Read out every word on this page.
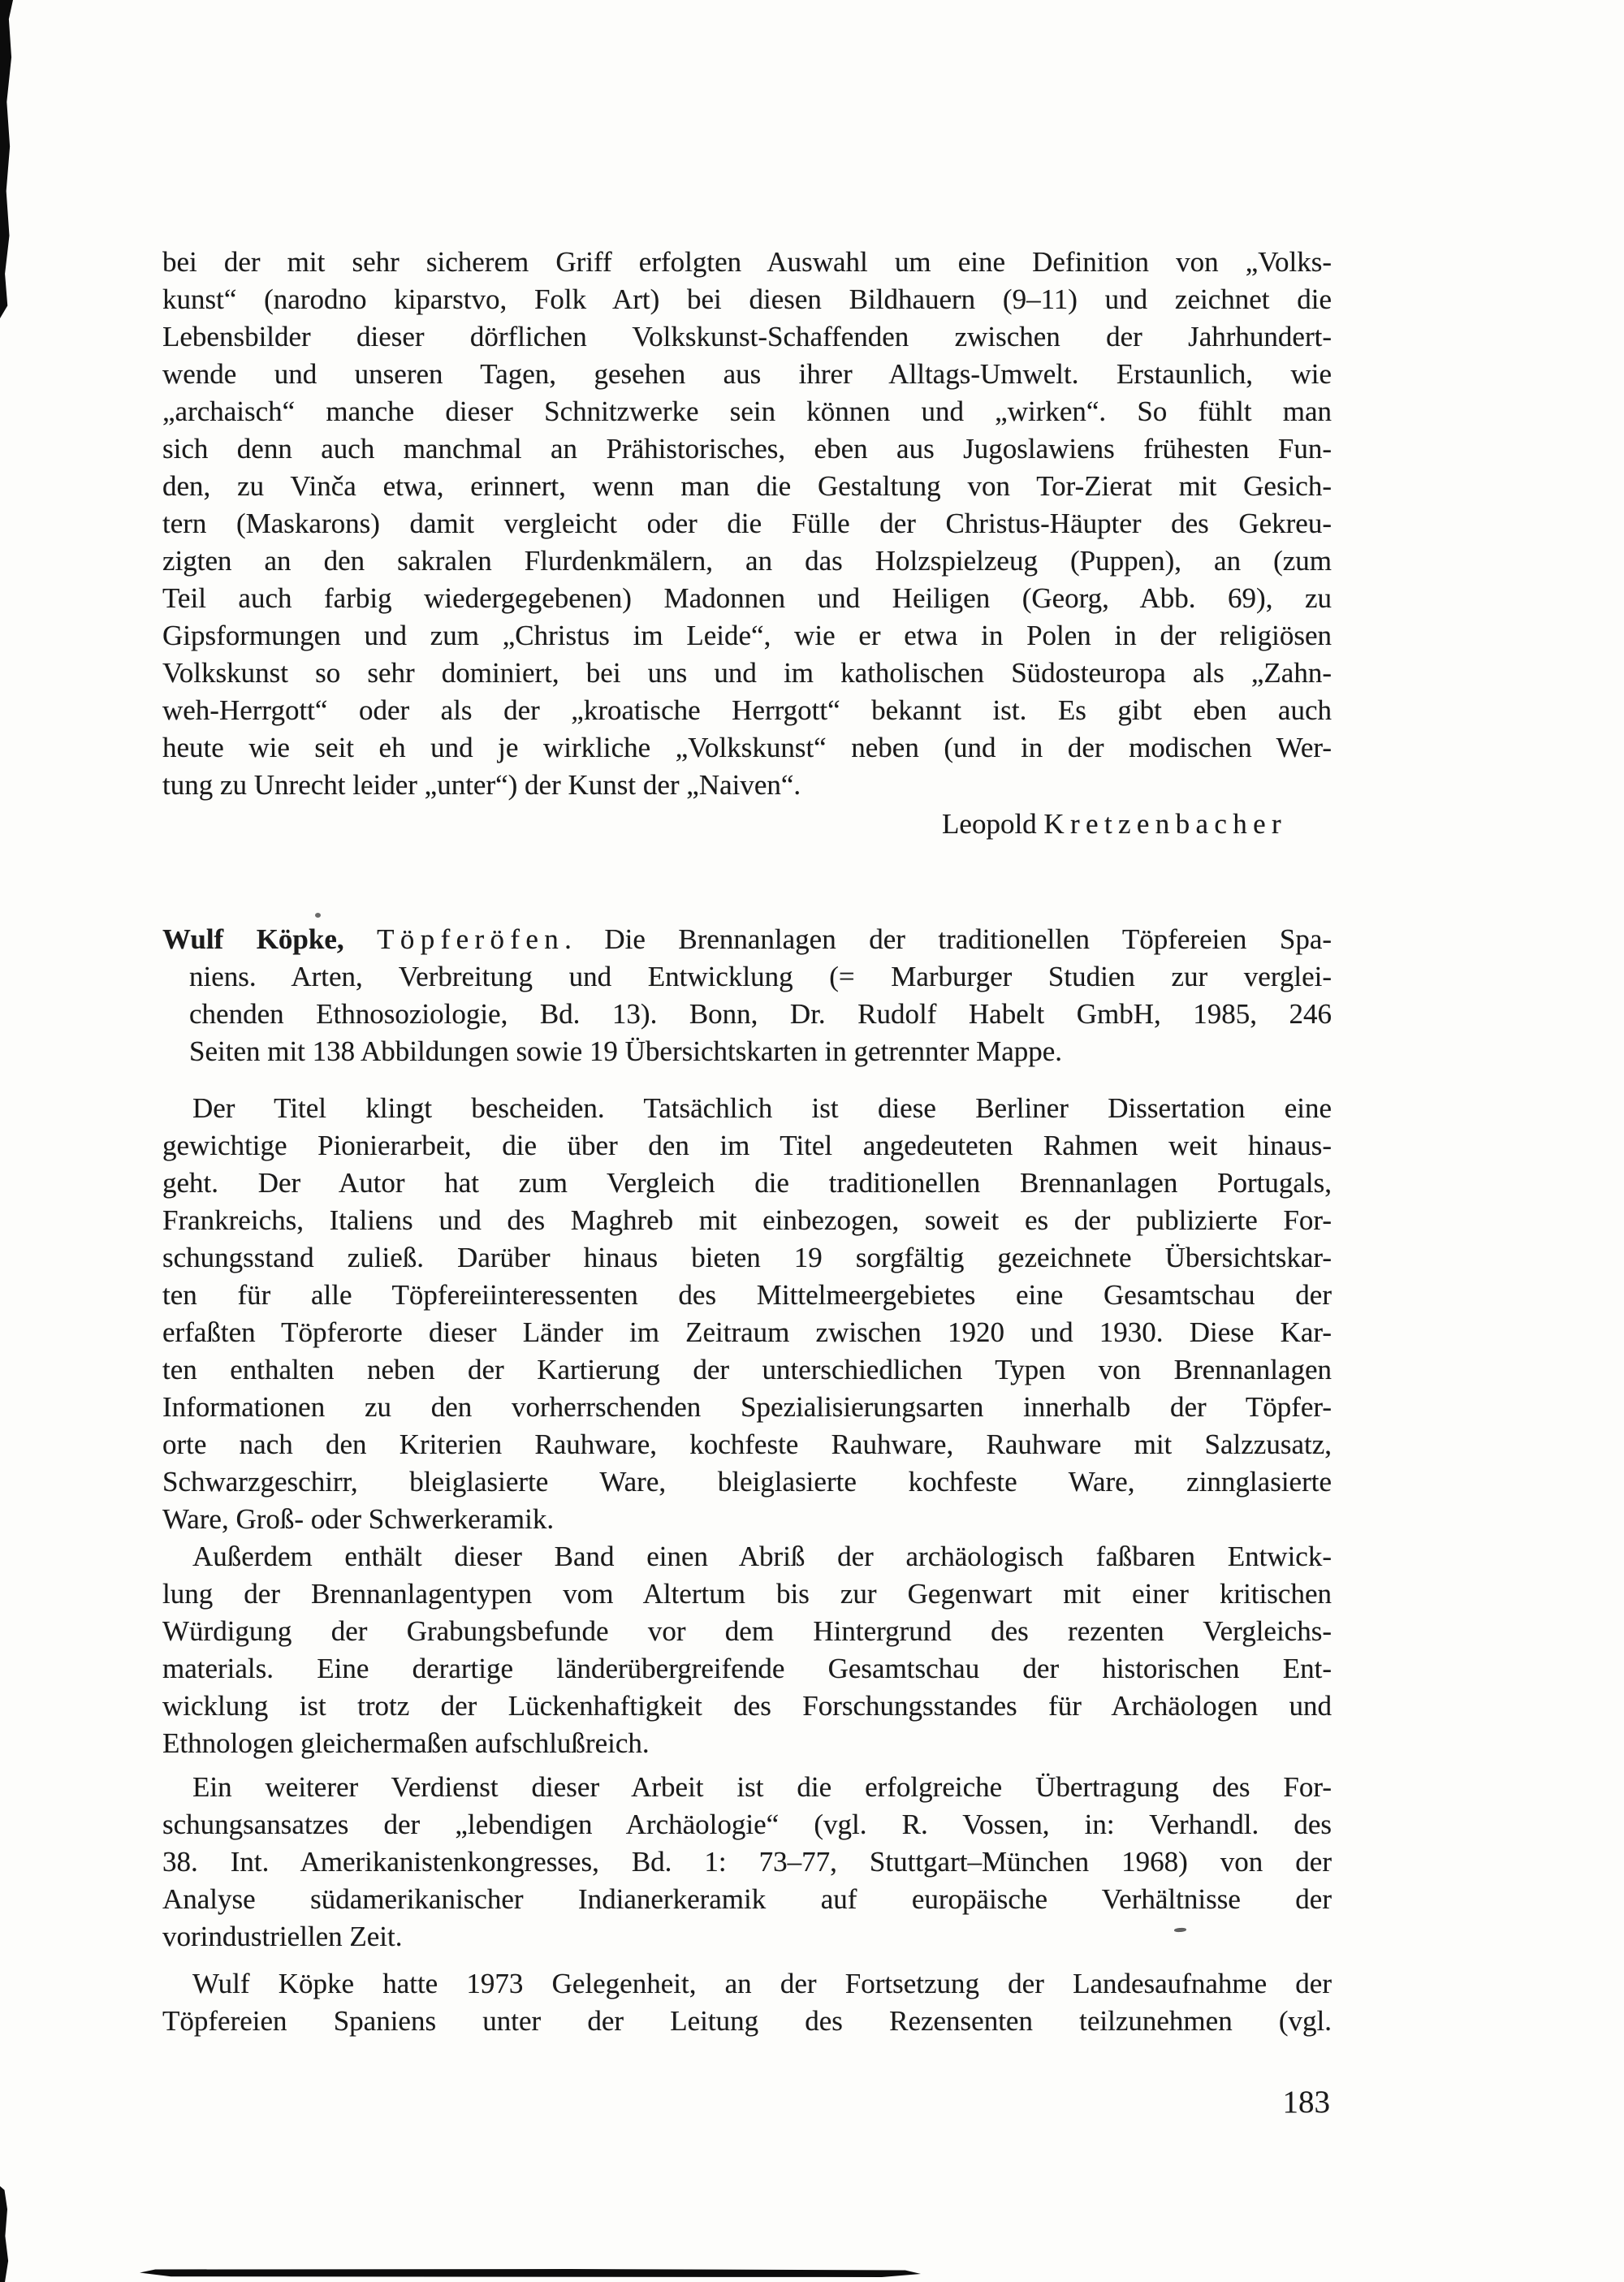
bei der mit sehr sicherem Griff erfolgten Auswahl um eine Definition von „Volks-
kunst“ (narodno kiparstvo, Folk Art) bei diesen Bildhauern (9–11) und zeichnet die
Lebensbilder dieser dörflichen Volkskunst-Schaffenden zwischen der Jahrhundert-
wende und unseren Tagen, gesehen aus ihrer Alltags-Umwelt. Erstaunlich, wie
„archaisch“ manche dieser Schnitzwerke sein können und „wirken“. So fühlt man
sich denn auch manchmal an Prähistorisches, eben aus Jugoslawiens frühesten Fun-
den, zu Vinča etwa, erinnert, wenn man die Gestaltung von Tor-Zierat mit Gesich-
tern (Maskarons) damit vergleicht oder die Fülle der Christus-Häupter des Gekreu-
zigten an den sakralen Flurdenkmälern, an das Holzspielzeug (Puppen), an (zum
Teil auch farbig wiedergegebenen) Madonnen und Heiligen (Georg, Abb. 69), zu
Gipsformungen und zum „Christus im Leide“, wie er etwa in Polen in der religiösen
Volkskunst so sehr dominiert, bei uns und im katholischen Südosteuropa als „Zahn-
weh-Herrgott“ oder als der „kroatische Herrgott“ bekannt ist. Es gibt eben auch
heute wie seit eh und je wirkliche „Volkskunst“ neben (und in der modischen Wer-
tung zu Unrecht leider „unter“) der Kunst der „Naiven“.
Leopold Kretzenbacher
Wulf Köpke, Töpferöfen. Die Brennanlagen der traditionellen Töpfereien Spa-
niens. Arten, Verbreitung und Entwicklung (= Marburger Studien zur verglei-
chenden Ethnosoziologie, Bd. 13). Bonn, Dr. Rudolf Habelt GmbH, 1985, 246
Seiten mit 138 Abbildungen sowie 19 Übersichtskarten in getrennter Mappe.
Der Titel klingt bescheiden. Tatsächlich ist diese Berliner Dissertation eine
gewichtige Pionierarbeit, die über den im Titel angedeuteten Rahmen weit hinaus-
geht. Der Autor hat zum Vergleich die traditionellen Brennanlagen Portugals,
Frankreichs, Italiens und des Maghreb mit einbezogen, soweit es der publizierte For-
schungsstand zuließ. Darüber hinaus bieten 19 sorgfältig gezeichnete Übersichtskar-
ten für alle Töpfereiinteressenten des Mittelmeergebietes eine Gesamtschau der
erfaßten Töpferorte dieser Länder im Zeitraum zwischen 1920 und 1930. Diese Kar-
ten enthalten neben der Kartierung der unterschiedlichen Typen von Brennanlagen
Informationen zu den vorherrschenden Spezialisierungsarten innerhalb der Töpfer-
orte nach den Kriterien Rauhware, kochfeste Rauhware, Rauhware mit Salzzusatz,
Schwarzgeschirr, bleiglasierte Ware, bleiglasierte kochfeste Ware, zinnglasierte
Ware, Groß- oder Schwerkeramik.
Außerdem enthält dieser Band einen Abriß der archäologisch faßbaren Entwick-
lung der Brennanlagentypen vom Altertum bis zur Gegenwart mit einer kritischen
Würdigung der Grabungsbefunde vor dem Hintergrund des rezenten Vergleichs-
materials. Eine derartige länderübergreifende Gesamtschau der historischen Ent-
wicklung ist trotz der Lückenhaftigkeit des Forschungsstandes für Archäologen und
Ethnologen gleichermaßen aufschlußreich.
Ein weiterer Verdienst dieser Arbeit ist die erfolgreiche Übertragung des For-
schungsansatzes der „lebendigen Archäologie“ (vgl. R. Vossen, in: Verhandl. des
38. Int. Amerikanistenkongresses, Bd. 1: 73–77, Stuttgart–München 1968) von der
Analyse südamerikanischer Indianerkeramik auf europäische Verhältnisse der
vorindustriellen Zeit.
Wulf Köpke hatte 1973 Gelegenheit, an der Fortsetzung der Landesaufnahme der
Töpfereien Spaniens unter der Leitung des Rezensenten teilzunehmen (vgl.
183
